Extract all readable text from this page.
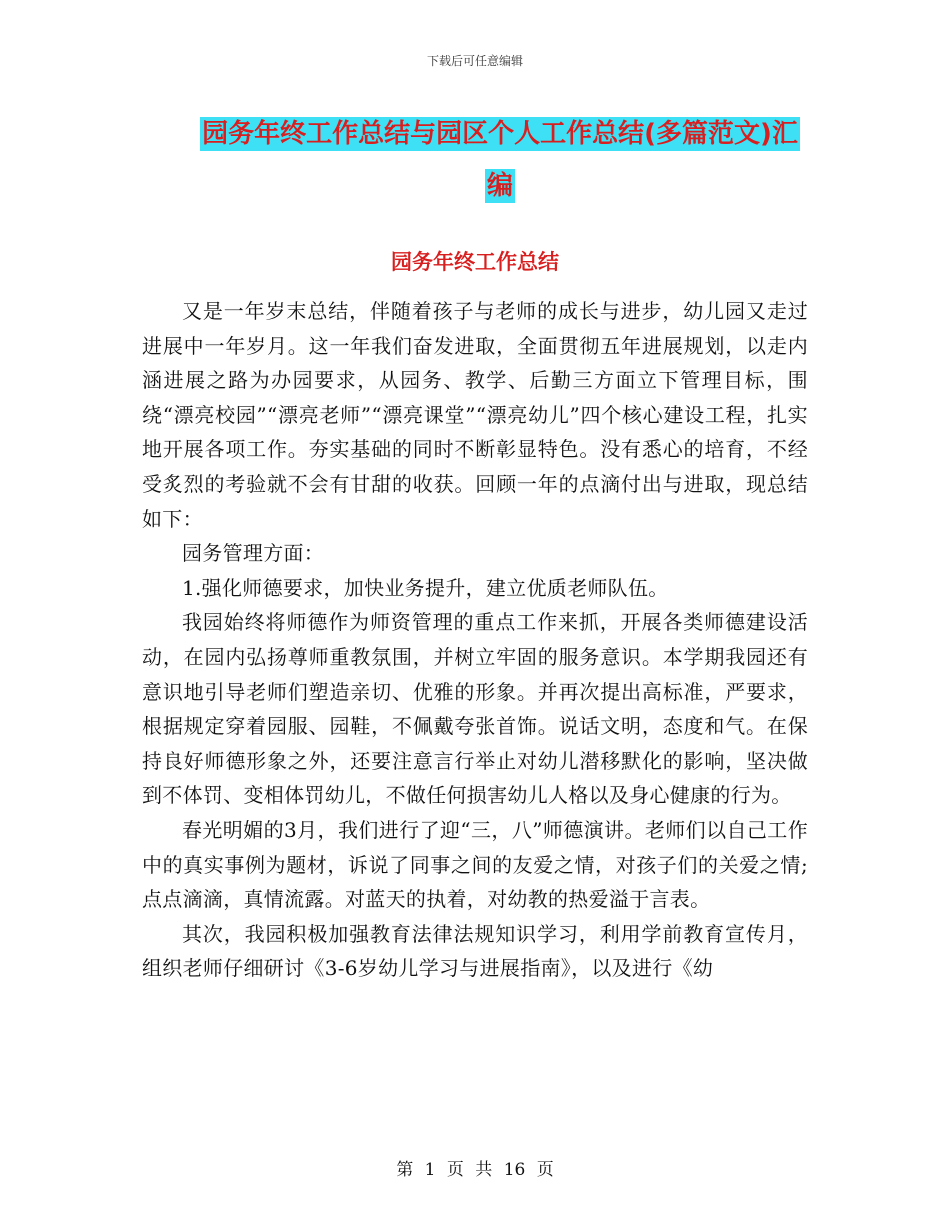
下载后可任意编辑
园务年终工作总结与园区个人工作总结(多篇范文)汇编
园务年终工作总结

又是一年岁末总结，伴随着孩子与老师的成长与进步，幼儿园又走过进展中一年岁月。这一年我们奋发进取，全面贯彻五年进展规划，以走内涵进展之路为办园要求，从园务、教学、后勤三方面立下管理目标，围绕“漂亮校园”“漂亮老师”“漂亮课堂”“漂亮幼儿”四个核心建设工程，扎实地开展各项工作。夯实基础的同时不断彰显特色。没有悉心的培育，不经受炙烈的考验就不会有甘甜的收获。回顾一年的点滴付出与进取，现总结如下：

园务管理方面：

1.强化师德要求，加快业务提升，建立优质老师队伍。

我园始终将师德作为师资管理的重点工作来抓，开展各类师德建设活动，在园内弘扬尊师重教氛围，并树立牢固的服务意识。本学期我园还有意识地引导老师们塑造亲切、优雅的形象。并再次提出高标准，严要求，根据规定穿着园服、园鞋，不佩戴夸张首饰。说话文明，态度和气。在保持良好师德形象之外，还要注意言行举止对幼儿潜移默化的影响，坚决做到不体罚、变相体罚幼儿，不做任何损害幼儿人格以及身心健康的行为。

春光明媚的3月，我们进行了迎“三，八”师德演讲。老师们以自己工作中的真实事例为题材，诉说了同事之间的友爱之情，对孩子们的关爱之情;点点滴滴，真情流露。对蓝天的执着，对幼教的热爱溢于言表。

其次，我园积极加强教育法律法规知识学习，利用学前教育宣传月，组织老师仔细研讨《3-6岁幼儿学习与进展指南》，以及进行《幼

第 1 页 共 16 页
